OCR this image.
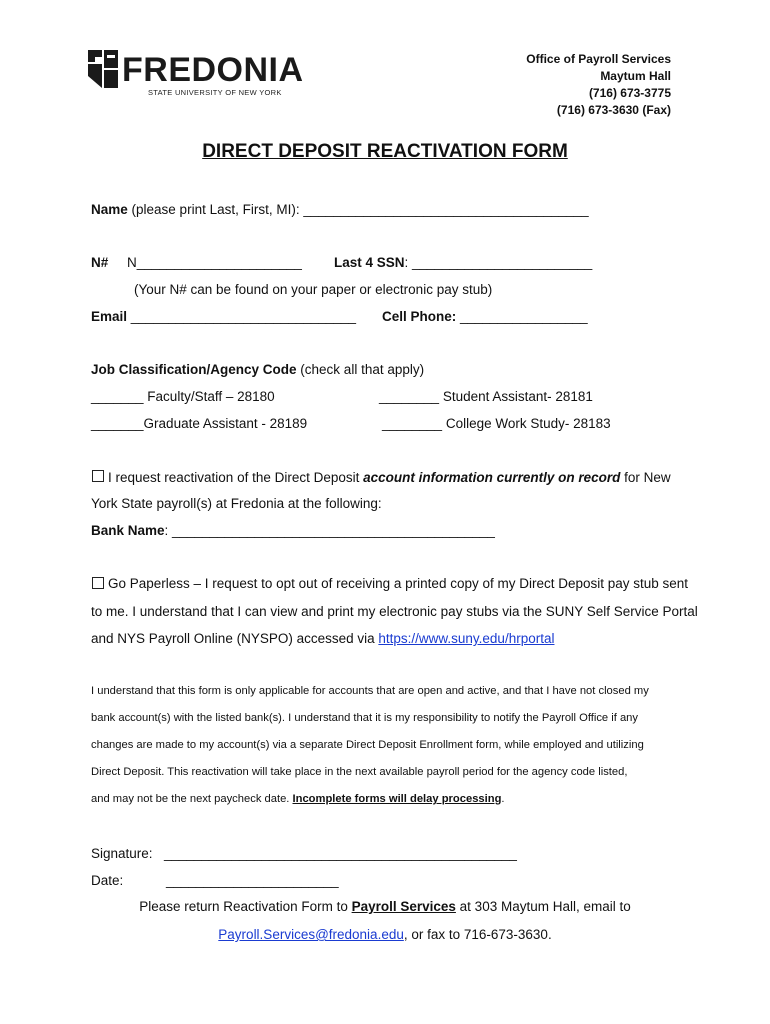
FREDONIA
STATE UNIVERSITY OF NEW YORK
Office of Payroll Services
Maytum Hall
(716) 673-3775
(716) 673-3630 (Fax)
DIRECT DEPOSIT REACTIVATION FORM
Name (please print Last, First, MI): ______________________________________
N# N______________________ Last 4 SSN: ________________________
(Your N# can be found on your paper or electronic pay stub)
Email ______________________________ Cell Phone: _________________
Job Classification/Agency Code (check all that apply)
_______ Faculty/Staff – 28180	________ Student Assistant- 28181
_______Graduate Assistant - 28189	________ College Work Study- 28183
I request reactivation of the Direct Deposit account information currently on record for New
York State payroll(s) at Fredonia at the following:
Bank Name: ___________________________________________
Go Paperless – I request to opt out of receiving a printed copy of my Direct Deposit pay stub sent
to me. I understand that I can view and print my electronic pay stubs via the SUNY Self Service Portal
and NYS Payroll Online (NYSPO) accessed via https://www.suny.edu/hrportal
I understand that this form is only applicable for accounts that are open and active, and that I have not closed my
bank account(s) with the listed bank(s). I understand that it is my responsibility to notify the Payroll Office if any
changes are made to my account(s) via a separate Direct Deposit Enrollment form, while employed and utilizing
Direct Deposit. This reactivation will take place in the next available payroll period for the agency code listed,
and may not be the next paycheck date. Incomplete forms will delay processing.
Signature: _______________________________________________
Date:	_______________________
Please return Reactivation Form to Payroll Services at 303 Maytum Hall, email to
Payroll.Services@fredonia.edu, or fax to 716-673-3630.
